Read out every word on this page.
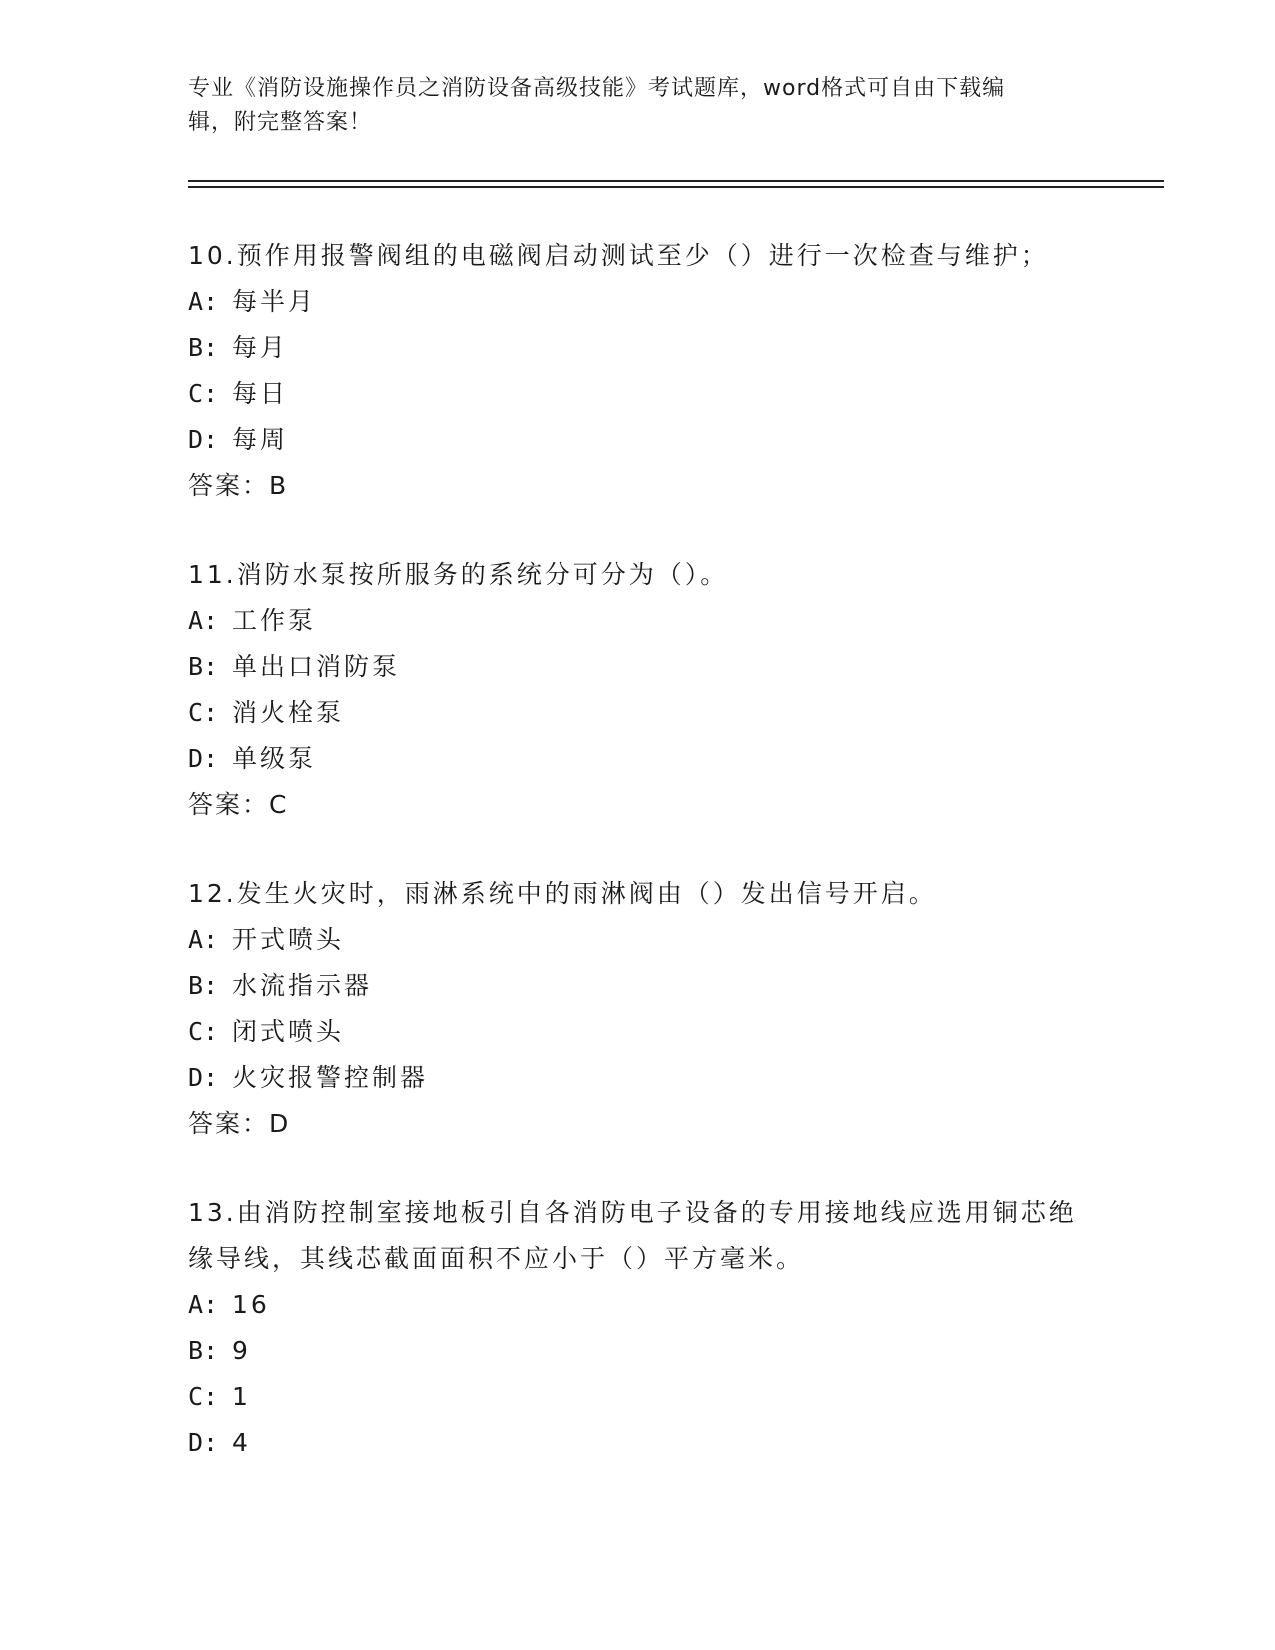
专业《消防设施操作员之消防设备高级技能》考试题库，word格式可自由下载编
辑，附完整答案！

10.预作用报警阀组的电磁阀启动测试至少（）进行一次检查与维护；

A: 每半月
B: 每月
C: 每日
D: 每周
答案：B

11.消防水泵按所服务的系统分可分为（）。

A: 工作泵
B: 单出口消防泵
C: 消火栓泵
D: 单级泵
答案：C

12.发生火灾时，雨淋系统中的雨淋阀由（）发出信号开启。

A: 开式喷头
B: 水流指示器
C: 闭式喷头
D: 火灾报警控制器
答案：D

13.由消防控制室接地板引自各消防电子设备的专用接地线应选用铜芯绝缘导线，其线芯截面面积不应小于（）平方毫米。

A: 16
B: 9
C: 1
D: 4
